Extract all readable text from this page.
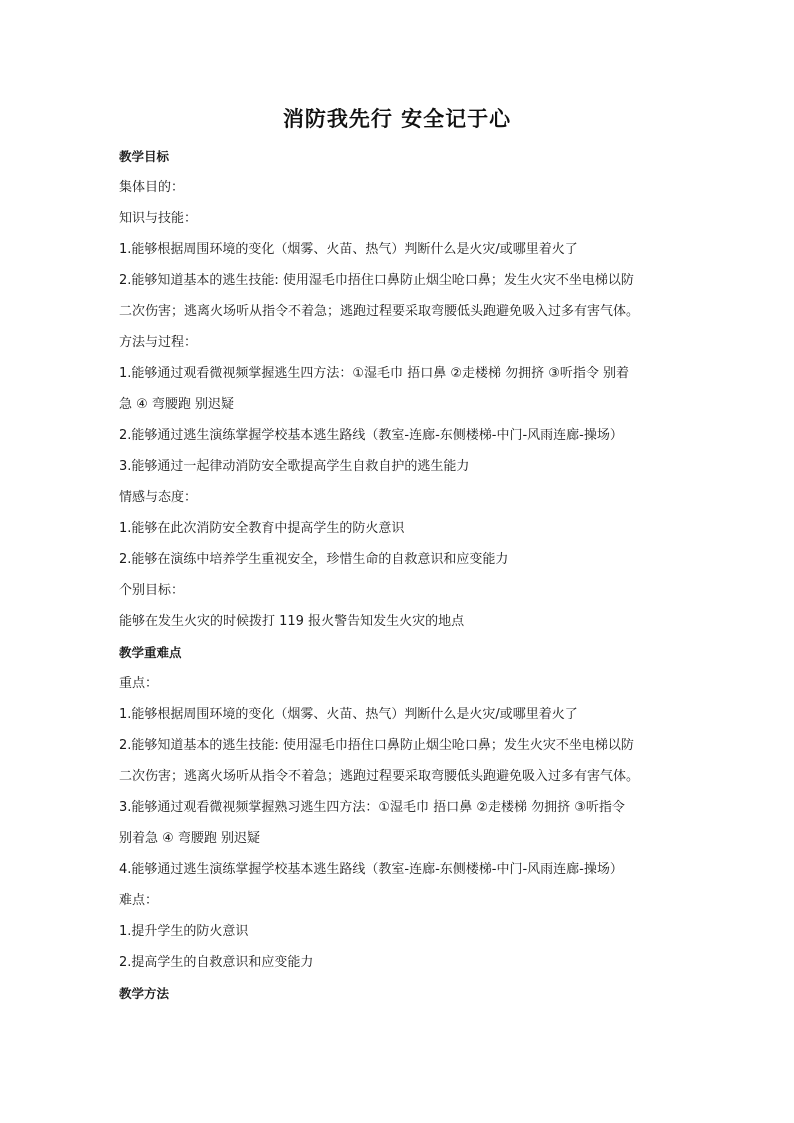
消防我先行 安全记于心
教学目标
集体目的：
知识与技能：
1.能够根据周围环境的变化（烟雾、火苗、热气）判断什么是火灾/或哪里着火了
2.能够知道基本的逃生技能: 使用湿毛巾捂住口鼻防止烟尘呛口鼻；发生火灾不坐电梯以防
二次伤害；逃离火场听从指令不着急；逃跑过程要采取弯腰低头跑避免吸入过多有害气体。
方法与过程：
1.能够通过观看微视频掌握逃生四方法：①湿毛巾 捂口鼻 ②走楼梯 勿拥挤 ③听指令 别着
急 ④ 弯腰跑 别迟疑
2.能够通过逃生演练掌握学校基本逃生路线（教室-连廊-东侧楼梯-中门-风雨连廊-操场）
3.能够通过一起律动消防安全歌提高学生自救自护的逃生能力
情感与态度：
1.能够在此次消防安全教育中提高学生的防火意识
2.能够在演练中培养学生重视安全，珍惜生命的自救意识和应变能力
个别目标：
能够在发生火灾的时候拨打 119 报火警告知发生火灾的地点
教学重难点
重点：
1.能够根据周围环境的变化（烟雾、火苗、热气）判断什么是火灾/或哪里着火了
2.能够知道基本的逃生技能: 使用湿毛巾捂住口鼻防止烟尘呛口鼻；发生火灾不坐电梯以防
二次伤害；逃离火场听从指令不着急；逃跑过程要采取弯腰低头跑避免吸入过多有害气体。
3.能够通过观看微视频掌握熟习逃生四方法：①湿毛巾 捂口鼻 ②走楼梯 勿拥挤 ③听指令
别着急 ④ 弯腰跑 别迟疑
4.能够通过逃生演练掌握学校基本逃生路线（教室-连廊-东侧楼梯-中门-风雨连廊-操场）
难点：
1.提升学生的防火意识
2.提高学生的自救意识和应变能力
教学方法
